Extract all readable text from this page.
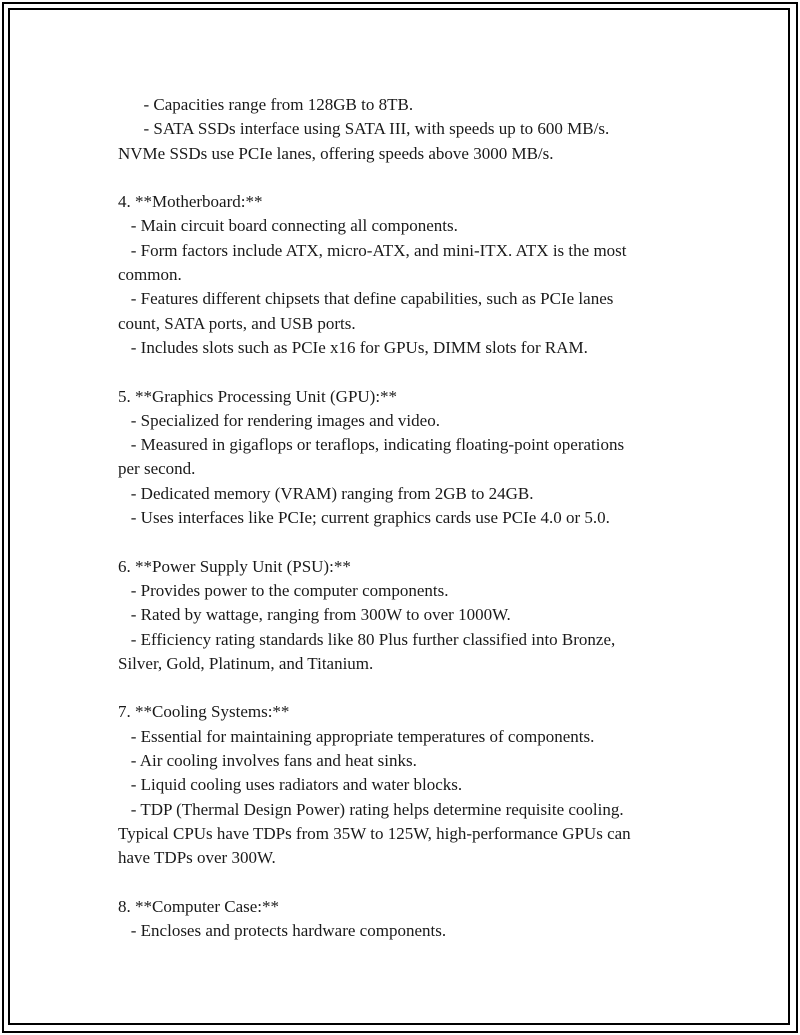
- Capacities range from 128GB to 8TB.
- SATA SSDs interface using SATA III, with speeds up to 600 MB/s.
NVMe SSDs use PCIe lanes, offering speeds above 3000 MB/s.
4. **Motherboard:**
- Main circuit board connecting all components.
- Form factors include ATX, micro-ATX, and mini-ITX. ATX is the most
common.
- Features different chipsets that define capabilities, such as PCIe lanes
count, SATA ports, and USB ports.
- Includes slots such as PCIe x16 for GPUs, DIMM slots for RAM.
5. **Graphics Processing Unit (GPU):**
- Specialized for rendering images and video.
- Measured in gigaflops or teraflops, indicating floating-point operations
per second.
- Dedicated memory (VRAM) ranging from 2GB to 24GB.
- Uses interfaces like PCIe; current graphics cards use PCIe 4.0 or 5.0.
6. **Power Supply Unit (PSU):**
- Provides power to the computer components.
- Rated by wattage, ranging from 300W to over 1000W.
- Efficiency rating standards like 80 Plus further classified into Bronze,
Silver, Gold, Platinum, and Titanium.
7. **Cooling Systems:**
- Essential for maintaining appropriate temperatures of components.
- Air cooling involves fans and heat sinks.
- Liquid cooling uses radiators and water blocks.
- TDP (Thermal Design Power) rating helps determine requisite cooling.
Typical CPUs have TDPs from 35W to 125W, high-performance GPUs can
have TDPs over 300W.
8. **Computer Case:**
- Encloses and protects hardware components.
